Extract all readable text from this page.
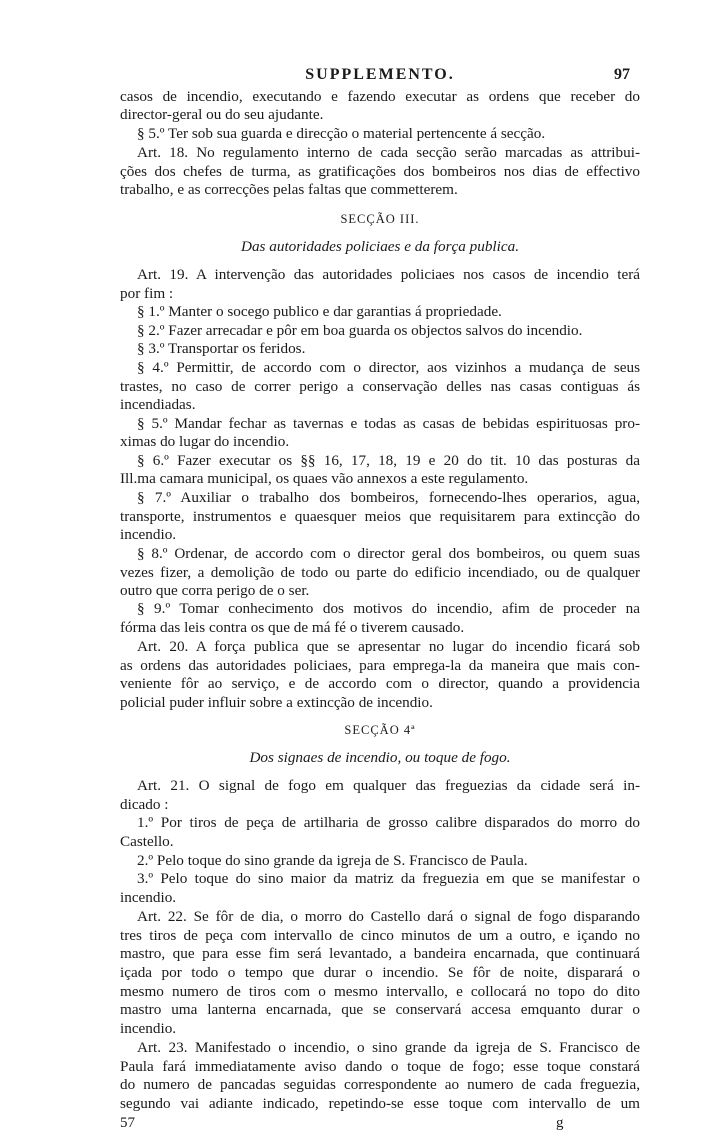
SUPPLEMENTO.	97
casos de incendio, executando e fazendo executar as ordens que receber do
director-geral ou do seu ajudante.
§ 5.º Ter sob sua guarda e direcção o material pertencente á secção.
Art. 18. No regulamento interno de cada secção serão marcadas as attribui-
ções dos chefes de turma, as gratificações dos bombeiros nos dias de effectivo
trabalho, e as correcções pelas faltas que commetterem.
SECÇÃO III.
Das autoridades policiaes e da força publica.
Art. 19. A intervenção das autoridades policiaes nos casos de incendio terá
por fim :
§ 1.º Manter o socego publico e dar garantias á propriedade.
§ 2.º Fazer arrecadar e pôr em boa guarda os objectos salvos do incendio.
§ 3.º Transportar os feridos.
§ 4.º Permittir, de accordo com o director, aos vizinhos a mudança de seus
trastes, no caso de correr perigo a conservação delles nas casas contiguas ás
incendiadas.
§ 5.º Mandar fechar as tavernas e todas as casas de bebidas espirituosas pro-
ximas do lugar do incendio.
§ 6.º Fazer executar os §§ 16, 17, 18, 19 e 20 do tit. 10 das posturas da
Ill.ma camara municipal, os quaes vão annexos a este regulamento.
§ 7.º Auxiliar o trabalho dos bombeiros, fornecendo-lhes operarios, agua,
transporte, instrumentos e quaesquer meios que requisitarem para extincção do
incendio.
§ 8.º Ordenar, de accordo com o director geral dos bombeiros, ou quem suas
vezes fizer, a demolição de todo ou parte do edificio incendiado, ou de qualquer
outro que corra perigo de o ser.
§ 9.º Tomar conhecimento dos motivos do incendio, afim de proceder na
fórma das leis contra os que de má fé o tiverem causado.
Art. 20. A força publica que se apresentar no lugar do incendio ficará sob
as ordens das autoridades policiaes, para emprega-la da maneira que mais con-
veniente fôr ao serviço, e de accordo com o director, quando a providencia
policial puder influir sobre a extincção de incendio.
SECÇÃO 4ª
Dos signaes de incendio, ou toque de fogo.
Art. 21. O signal de fogo em qualquer das freguezias da cidade será in-
dicado :
1.º Por tiros de peça de artilharia de grosso calibre disparados do morro do
Castello.
2.º Pelo toque do sino grande da igreja de S. Francisco de Paula.
3.º Pelo toque do sino maior da matriz da freguezia em que se manifestar o
incendio.
Art. 22. Se fôr de dia, o morro do Castello dará o signal de fogo disparando
tres tiros de peça com intervallo de cinco minutos de um a outro, e içando no
mastro, que para esse fim será levantado, a bandeira encarnada, que continuará
içada por todo o tempo que durar o incendio. Se fôr de noite, disparará o
mesmo numero de tiros com o mesmo intervallo, e collocará no topo do dito
mastro uma lanterna encarnada, que se conservará accesa emquanto durar o
incendio.
Art. 23. Manifestado o incendio, o sino grande da igreja de S. Francisco de
Paula fará immediatamente aviso dando o toque de fogo; esse toque constará
do numero de pancadas seguidas correspondente ao numero de cada freguezia,
segundo vai adiante indicado, repetindo-se esse toque com intervallo de um
57	g
